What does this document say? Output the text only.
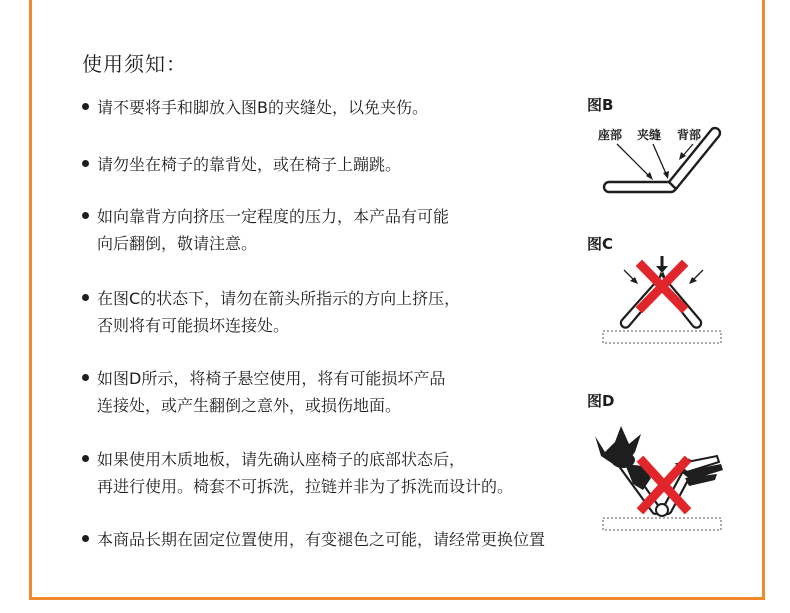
使用须知：
请不要将手和脚放入图B的夹缝处，以免夹伤。
请勿坐在椅子的靠背处，或在椅子上蹦跳。
如向靠背方向挤压一定程度的压力，本产品有可能
向后翻倒，敬请注意。
在图C的状态下，请勿在箭头所指示的方向上挤压，
否则将有可能损坏连接处。
如图D所示，将椅子悬空使用，将有可能损坏产品
连接处，或产生翻倒之意外，或损伤地面。
如果使用木质地板，请先确认座椅子的底部状态后，
再进行使用。椅套不可拆洗，拉链并非为了拆洗而设计的。
本商品长期在固定位置使用，有变褪色之可能，请经常更换位置
图B
座部 夹缝 背部
图C
图D
